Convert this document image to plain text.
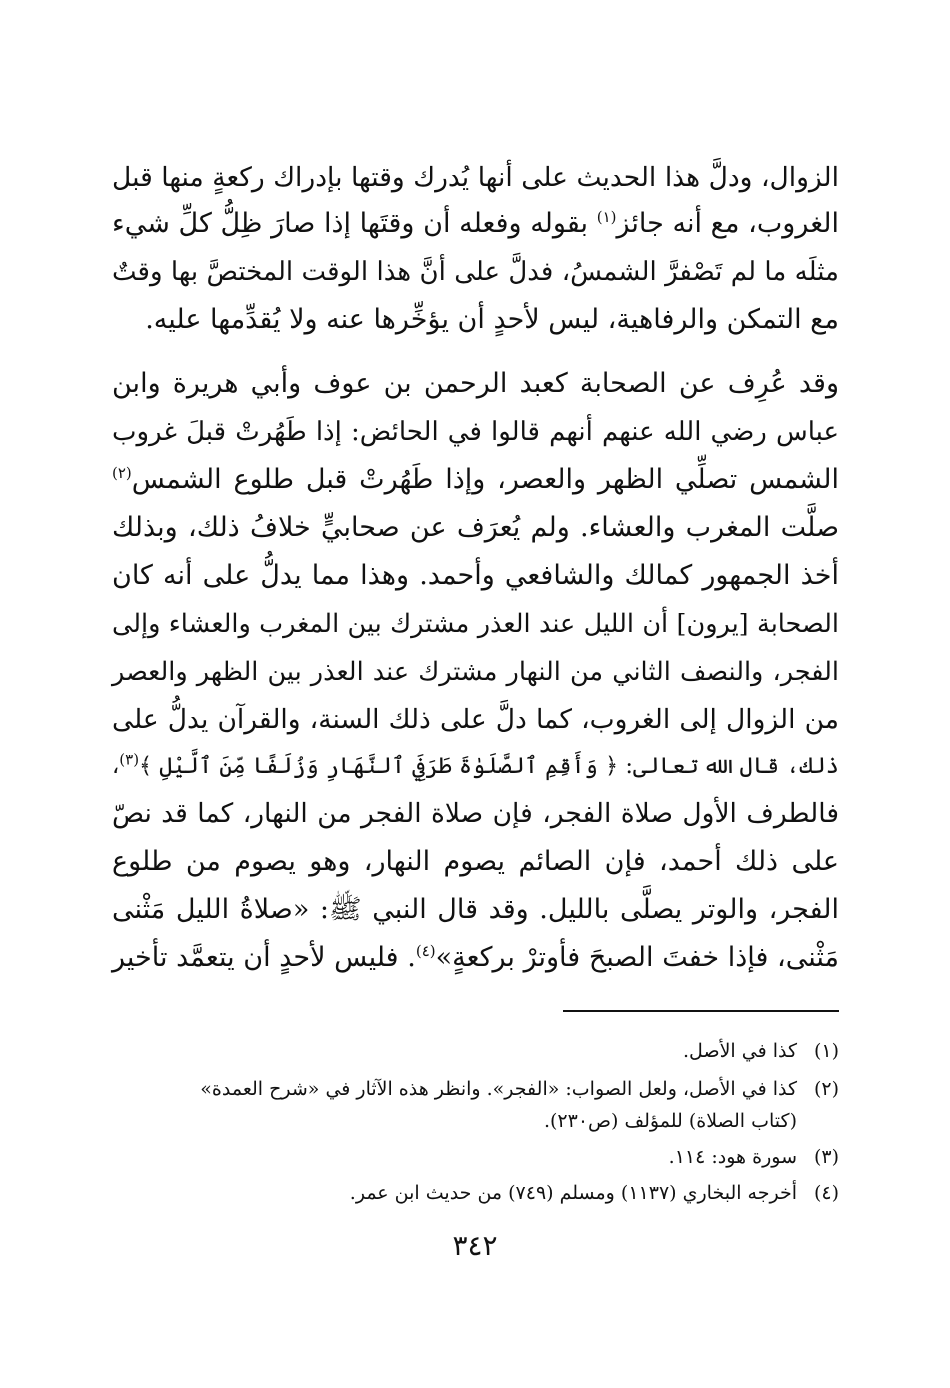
الزوال، ودلَّ هذا الحديث على أنها يُدرك وقتها بإدراك ركعةٍ منها قبل
الغروب، مع أنه جائز$^{(١)}$ بقوله وفعله أن وقتَها إذا صارَ ظِلُّ كلِّ شيء
مثلَه ما لم تَصْفرَّ الشمسُ، فدلَّ على أنَّ هذا الوقت المختصَّ بها وقتٌ
مع التمكن والرفاهية، ليس لأحدٍ أن يؤخِّرها عنه ولا يُقدِّمها عليه.
وقد عُرِف عن الصحابة كعبد الرحمن بن عوف وأبي هريرة وابن
عباس رضي الله عنهم أنهم قالوا في الحائض: إذا طَهُرتْ قبلَ غروب
الشمس تصلِّي الظهر والعصر، وإذا طَهُرتْ قبل طلوع الشمس$^{(٢)}$
صلَّت المغرب والعشاء. ولم يُعرَف عن صحابيٍّ خلافُ ذلك، وبذلك
أخذ الجمهور كمالك والشافعي وأحمد. وهذا مما يدلُّ على أنه كان
الصحابة [يرون] أن الليل عند العذر مشترك بين المغرب والعشاء وإلى
الفجر، والنصف الثاني من النهار مشترك عند العذر بين الظهر والعصر
من الزوال إلى الغروب، كما دلَّ على ذلك السنة، والقرآن يدلُّ على
ذلك، قال الله تعالى: ﴿ وَأَقِمِ ٱلصَّلَوٰةَ طَرَفَيِ ٱلنَّهَارِ وَزُلَفًا مِّنَ ٱلَّيْلِ ﴾$^{(٣)}$،
فالطرف الأول صلاة الفجر، فإن صلاة الفجر من النهار، كما قد نصّ
على ذلك أحمد، فإن الصائم يصوم النهار، وهو يصوم من طلوع
الفجر، والوتر يصلَّى بالليل. وقد قال النبي ﷺ: «صلاةُ الليل مَثْنى
مَثْنى، فإذا خفتَ الصبحَ فأوترْ بركعةٍ»$^{(٤)}$. فليس لأحدٍ أن يتعمَّد تأخير
(١)كذا في الأصل.
(٢)كذا في الأصل، ولعل الصواب: «الفجر». وانظر هذه الآثار في «شرح العمدة»
(كتاب الصلاة) للمؤلف (ص٢٣٠).
(٣)سورة هود: ١١٤.
(٤)أخرجه البخاري (١١٣٧) ومسلم (٧٤٩) من حديث ابن عمر.
٣٤٢
